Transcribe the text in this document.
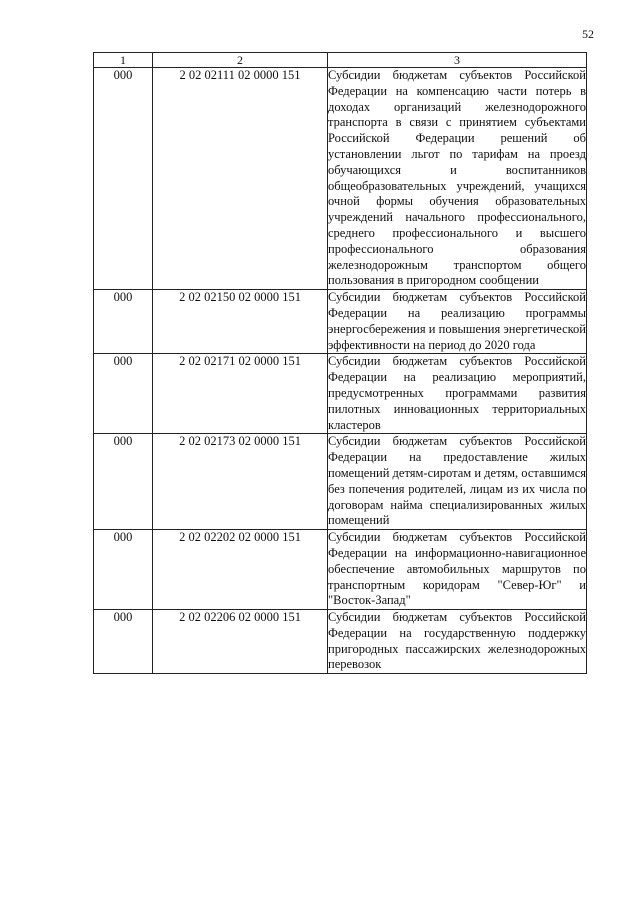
52
1	2	3
000	2 02 02111 02 0000 151	Субсидии бюджетам субъектов Российской Федерации на компенсацию части потерь в доходах организаций железнодорожного транспорта в связи с принятием субъектами Российской Федерации решений об установлении льгот по тарифам на проезд обучающихся и воспитанников общеобразовательных учреждений, учащихся очной формы обучения образовательных учреждений начального профессионального, среднего профессионального и высшего профессионального образования железнодорожным транспортом общего пользования в пригородном сообщении
000	2 02 02150 02 0000 151	Субсидии бюджетам субъектов Российской Федерации на реализацию программы энергосбережения и повышения энергетической эффективности на период до 2020 года
000	2 02 02171 02 0000 151	Субсидии бюджетам субъектов Российской Федерации на реализацию мероприятий, предусмотренных программами развития пилотных инновационных территориальных кластеров
000	2 02 02173 02 0000 151	Субсидии бюджетам субъектов Российской Федерации на предоставление жилых помещений детям-сиротам и детям, оставшимся без попечения родителей, лицам из их числа по договорам найма специализированных жилых помещений
000	2 02 02202 02 0000 151	Субсидии бюджетам субъектов Российской Федерации на информационно-навигационное обеспечение автомобильных маршрутов по транспортным коридорам "Север-Юг" и "Восток-Запад"
000	2 02 02206 02 0000 151	Субсидии бюджетам субъектов Российской Федерации на государственную поддержку пригородных пассажирских железнодорожных перевозок
